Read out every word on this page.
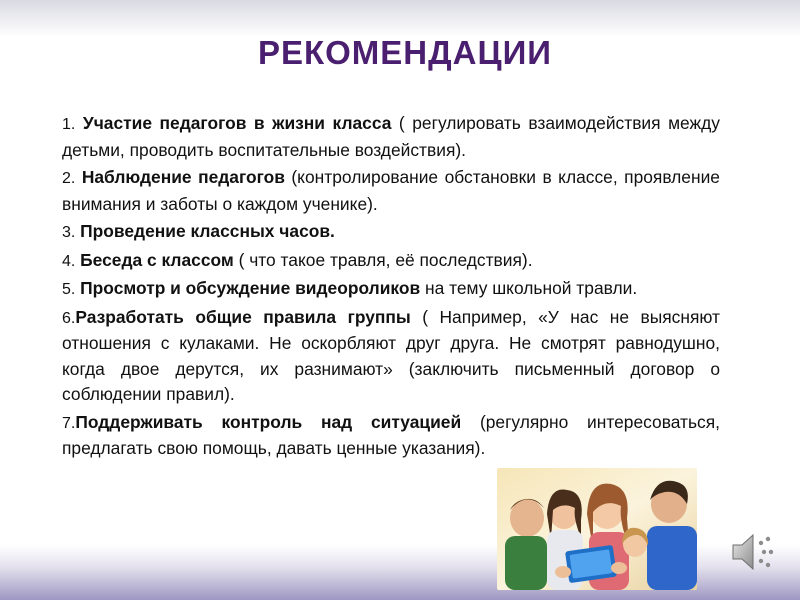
РЕКОМЕНДАЦИИ

1. Участие педагогов в жизни класса ( регулировать взаимодействия между детьми, проводить воспитательные воздействия).

2. Наблюдение педагогов (контролирование обстановки в классе, проявление внимания и заботы о каждом ученике).

3. Проведение классных часов.

4. Беседа с классом ( что такое травля, её последствия).

5. Просмотр и обсуждение видеороликов на тему школьной травли.

6.Разработать общие правила группы ( Например, «У нас не выясняют отношения с кулаками. Не оскорбляют друг друга. Не смотрят равнодушно, когда двое дерутся, их разнимают» (заключить письменный договор о соблюдении правил).

7.Поддерживать контроль над ситуацией (регулярно интересоваться, предлагать свою помощь, давать ценные указания).
